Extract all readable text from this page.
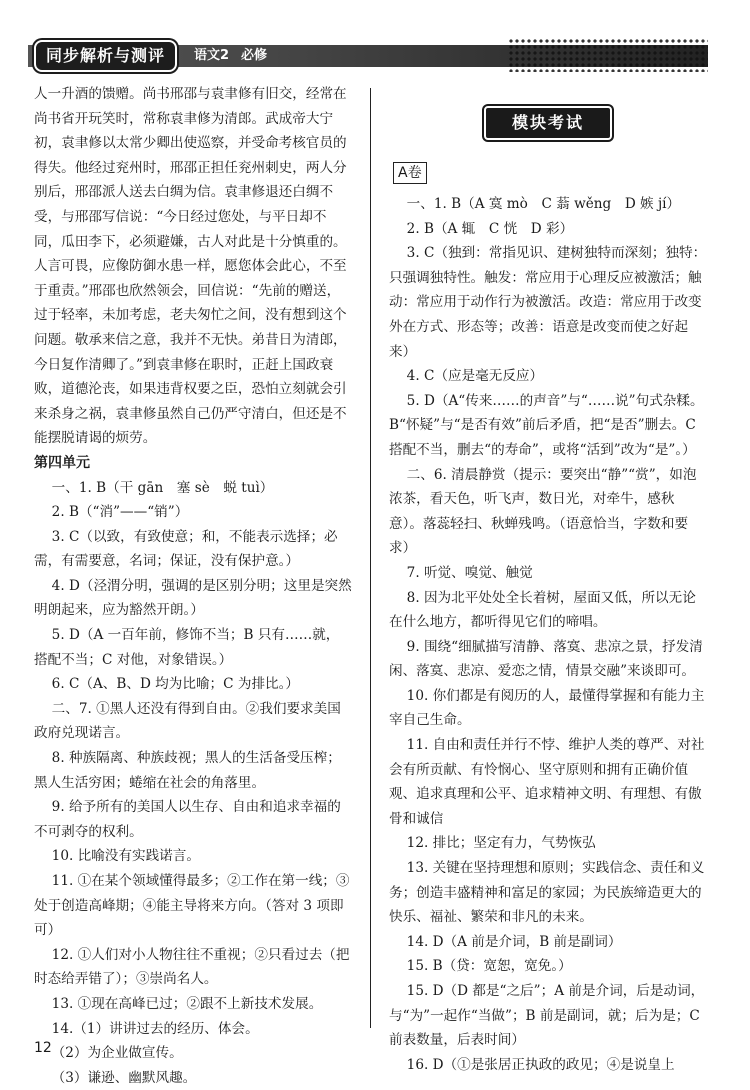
同步解析与测评	语文2 必修

人一升酒的馈赠。尚书邢邵与袁聿修有旧交，经常在尚书省开玩笑时，常称袁聿修为清郎。武成帝大宁初，袁聿修以太常少卿出使巡察，并受命考核官员的得失。他经过兖州时，邢邵正担任兖州刺史，两人分别后，邢邵派人送去白绸为信。袁聿修退还白绸不受，与邢邵写信说：“今日经过您处，与平日却不同，瓜田李下，必须避嫌，古人对此是十分慎重的。人言可畏，应像防御水患一样，愿您体会此心，不至于重责。”邢邵也欣然领会，回信说：“先前的赠送，过于轻率，未加考虑，老夫匆忙之间，没有想到这个问题。敬承来信之意，我并不无快。弟昔日为清郎，今日复作清卿了。”到袁聿修在职时，正赶上国政衰败，道德沦丧，如果违背权要之臣，恐怕立刻就会引来杀身之祸，袁聿修虽然自己仍严守清白，但还是不能摆脱请谒的烦劳。

第四单元

一、1. B（干 gān　塞 sè　蜕 tuì）

2. B（“消”——“销”）

3. C（以致，有致使意；和，不能表示选择；必需，有需要意，名词；保证，没有保护意。）

4. D（泾渭分明，强调的是区别分明；这里是突然明朗起来，应为豁然开朗。）

5. D（A 一百年前，修饰不当；B 只有……就，搭配不当；C 对他，对象错误。）

6. C（A、B、D 均为比喻；C 为排比。）

二、7. ①黑人还没有得到自由。②我们要求美国政府兑现诺言。

8. 种族隔离、种族歧视；黑人的生活备受压榨；黑人生活穷困；蜷缩在社会的角落里。

9. 给予所有的美国人以生存、自由和追求幸福的不可剥夺的权利。

10. 比喻没有实践诺言。

11. ①在某个领域懂得最多；②工作在第一线；③处于创造高峰期；④能主导将来方向。（答对 3 项即可）

12. ①人们对小人物往往不重视；②只看过去（把时态给弄错了）；③崇尚名人。

13. ①现在高峰已过；②跟不上新技术发展。

14.（1）讲讲过去的经历、体会。

（2）为企业做宣传。

（3）谦逊、幽默风趣。

模块考试
A卷

一、1. B（A 寞 mò　C 蓊 wěng　D 嫉 jí）

2. B（A 辄　C 恍　D 彩）

3. C（独到：常指见识、建树独特而深刻；独特：只强调独特性。触发：常应用于心理反应被激活；触动：常应用于动作行为被激活。改造：常应用于改变外在方式、形态等；改善：语意是改变而使之好起来）

4. C（应是毫无反应）

5. D（A“传来……的声音”与“……说”句式杂糅。B“怀疑”与“是否有效”前后矛盾，把“是否”删去。C 搭配不当，删去“的寿命”，或将“活到”改为“是”。）

二、6. 清晨静赏（提示：要突出“静”“赏”，如泡浓茶，看天色，听飞声，数日光，对牵牛，感秋意）。落蕊轻扫、秋蝉残鸣。（语意恰当，字数和要求）

7. 听觉、嗅觉、触觉

8. 因为北平处处全长着树，屋面又低，所以无论在什么地方，都听得见它们的啼唱。

9. 围绕“细腻描写清静、落寞、悲凉之景，抒发清闲、落寞、悲凉、爱恋之情，情景交融”来谈即可。

10. 你们都是有阅历的人，最懂得掌握和有能力主宰自己生命。

11. 自由和责任并行不悖、维护人类的尊严、对社会有所贡献、有怜悯心、坚守原则和拥有正确价值观、追求真理和公平、追求精神文明、有理想、有傲骨和诚信

12. 排比；坚定有力，气势恢弘

13. 关键在坚持理想和原则；实践信念、责任和义务；创造丰盛精神和富足的家园；为民族缔造更大的快乐、福祉、繁荣和非凡的未来。

14. D（A 前是介词，B 前是副词）

15. B（贷：宽恕，宽免。）

15. D（D 都是“之后”；A 前是介词，后是动词，与“为”一起作“当做”；B 前是副词，就；后为是；C 前表数量，后表时间）

16. D（①是张居正执政的政见；④是说皇上

12
